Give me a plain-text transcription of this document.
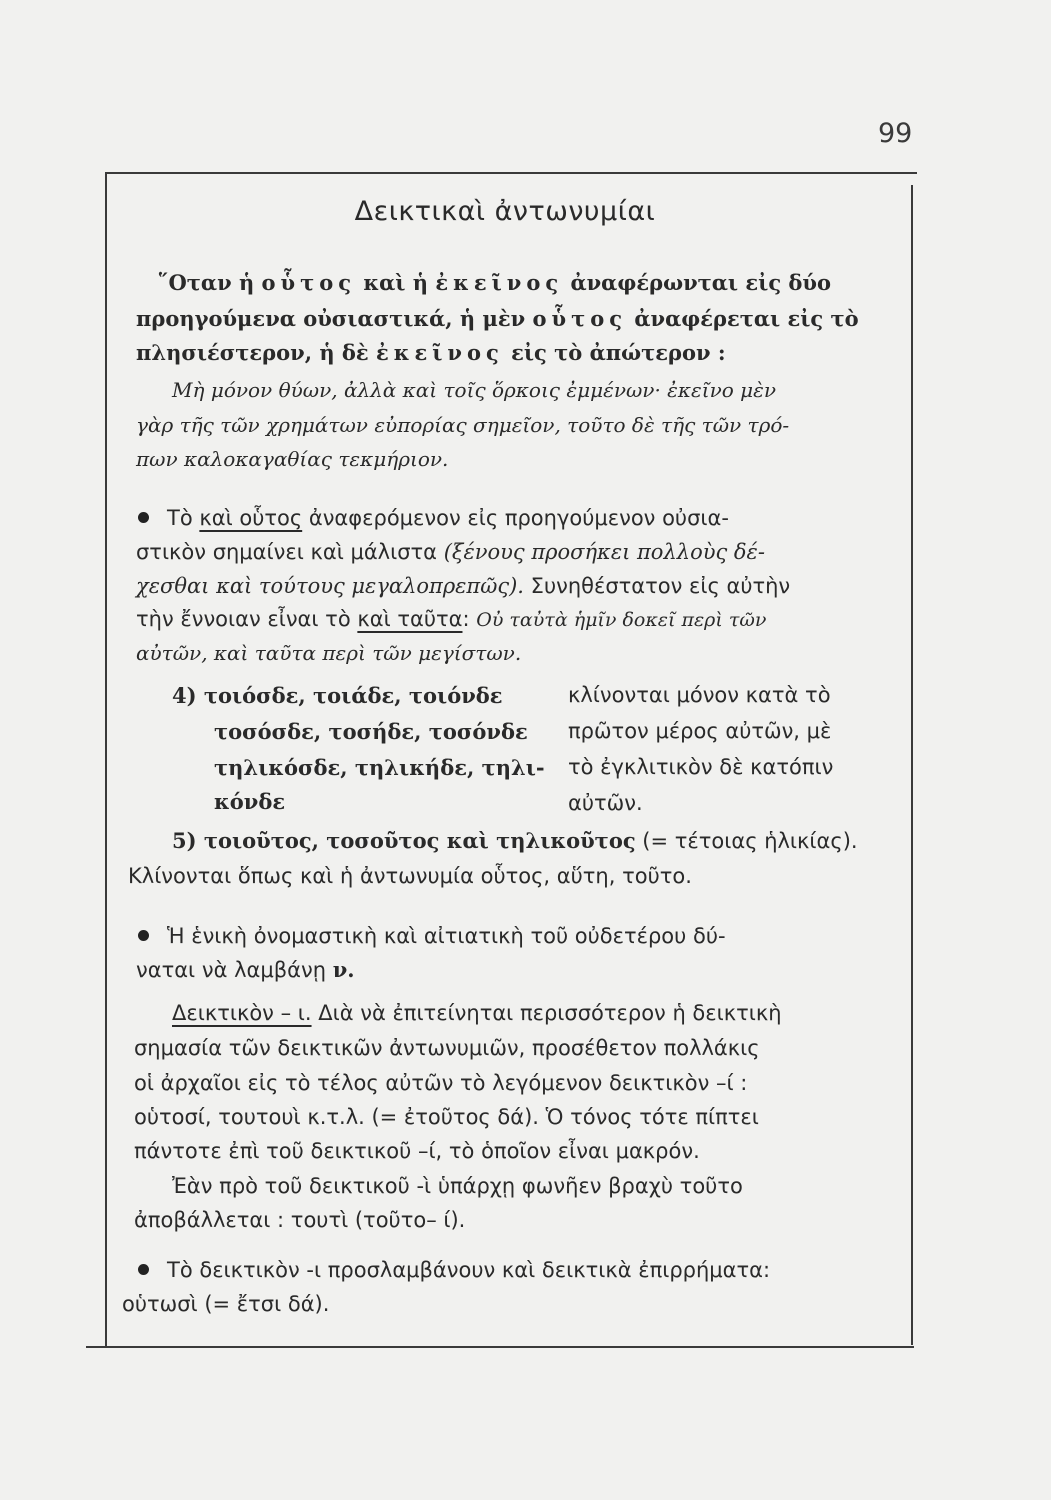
99
Δεικτικαὶ ἀντωνυμίαι
῞Οταν ἡ οὗτος καὶ ἡ ἐκεῖνος ἀναφέρωνται εἰς δύο
προηγούμενα οὐσιαστικά, ἡ μὲν οὗτος ἀναφέρεται εἰς τὸ
πλησιέστερον, ἡ δὲ ἐκεῖνος εἰς τὸ ἀπώτερον :
Μὴ μόνον θύων, ἀλλὰ καὶ τοῖς ὅρκοις ἐμμένων· ἐκεῖνο μὲν
γὰρ τῆς τῶν χρημάτων εὐπορίας σημεῖον, τοῦτο δὲ τῆς τῶν τρό-
πων καλοκαγαθίας τεκμήριον.
Τὸ καὶ οὗτος ἀναφερόμενον εἰς προηγούμενον οὐσια-
στικὸν σημαίνει καὶ μάλιστα (ξένους προσήκει πολλοὺς δέ-
χεσθαι καὶ τούτους μεγαλοπρεπῶς). Συνηθέστατον εἰς αὐτὴν
τὴν ἔννοιαν εἶναι τὸ καὶ ταῦτα: Οὐ ταὐτὰ ἡμῖν δοκεῖ περὶ τῶν
αὐτῶν, καὶ ταῦτα περὶ τῶν μεγίστων.
4) τοιόσδε, τοιάδε, τοιόνδε
τοσόσδε, τοσήδε, τοσόνδε
τηλικόσδε, τηλικήδε, τηλι-
κόνδε
κλίνονται μόνον κατὰ τὸ
πρῶτον μέρος αὐτῶν, μὲ
τὸ ἐγκλιτικὸν δὲ κατόπιν
αὐτῶν.
5) τοιοῦτος, τοσοῦτος καὶ τηλικοῦτος (= τέτοιας ἡλικίας).
Κλίνονται ὅπως καὶ ἡ ἀντωνυμία οὗτος, αὕτη, τοῦτο.
Ἡ ἑνικὴ ὀνομαστικὴ καὶ αἰτιατικὴ τοῦ οὐδετέρου δύ-
ναται νὰ λαμβάνῃ ν.
Δεικτικὸν – ι. Διὰ νὰ ἐπιτείνηται περισσότερον ἡ δεικτικὴ
σημασία τῶν δεικτικῶν ἀντωνυμιῶν, προσέθετον πολλάκις
οἱ ἀρχαῖοι εἰς τὸ τέλος αὐτῶν τὸ λεγόμενον δεικτικὸν –ί :
οὑτοσί, τουτουὶ κ.τ.λ. (= ἐτοῦτος δά). Ὁ τόνος τότε πίπτει
πάντοτε ἐπὶ τοῦ δεικτικοῦ –ί, τὸ ὁποῖον εἶναι μακρόν.
Ἐὰν πρὸ τοῦ δεικτικοῦ -ὶ ὑπάρχῃ φωνῆεν βραχὺ τοῦτο
ἀποβάλλεται : τουτὶ (τοῦτο– ί).
Τὸ δεικτικὸν -ι προσλαμβάνουν καὶ δεικτικὰ ἐπιρρήματα:
οὑτωσὶ (= ἔτσι δά).
